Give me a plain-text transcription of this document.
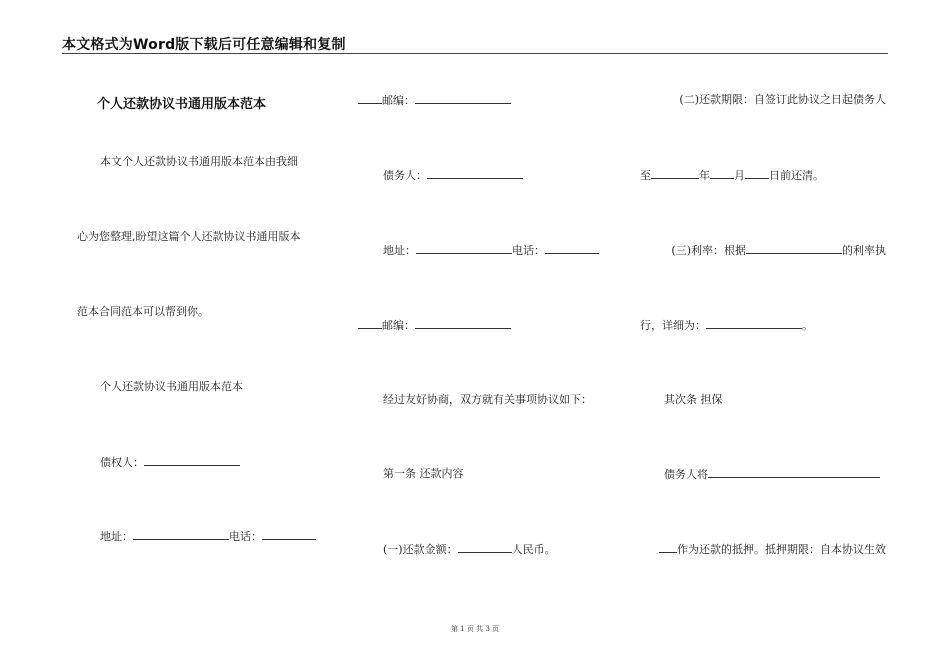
本文格式为Word版下载后可任意编辑和复制
个人还款协议书通用版本范本
本文个人还款协议书通用版本范本由我细
心为您整理,盼望这篇个人还款协议书通用版本
范本合同范本可以帮到你。
个人还款协议书通用版本范本
债权人：
地址：	电话：
邮编：
债务人：
地址：	电话：
邮编：
经过友好协商，双方就有关事项协议如下：
第一条 还款内容
(一)还款金额：	人民币。
(二)还款期限：自签订此协议之日起债务人
至	年 月 日前还清。
(三)利率：根据	的利率执
行，详细为：	。
其次条 担保
债务人将
作为还款的抵押。抵押期限：自本协议生效
第 1 页 共 3 页
